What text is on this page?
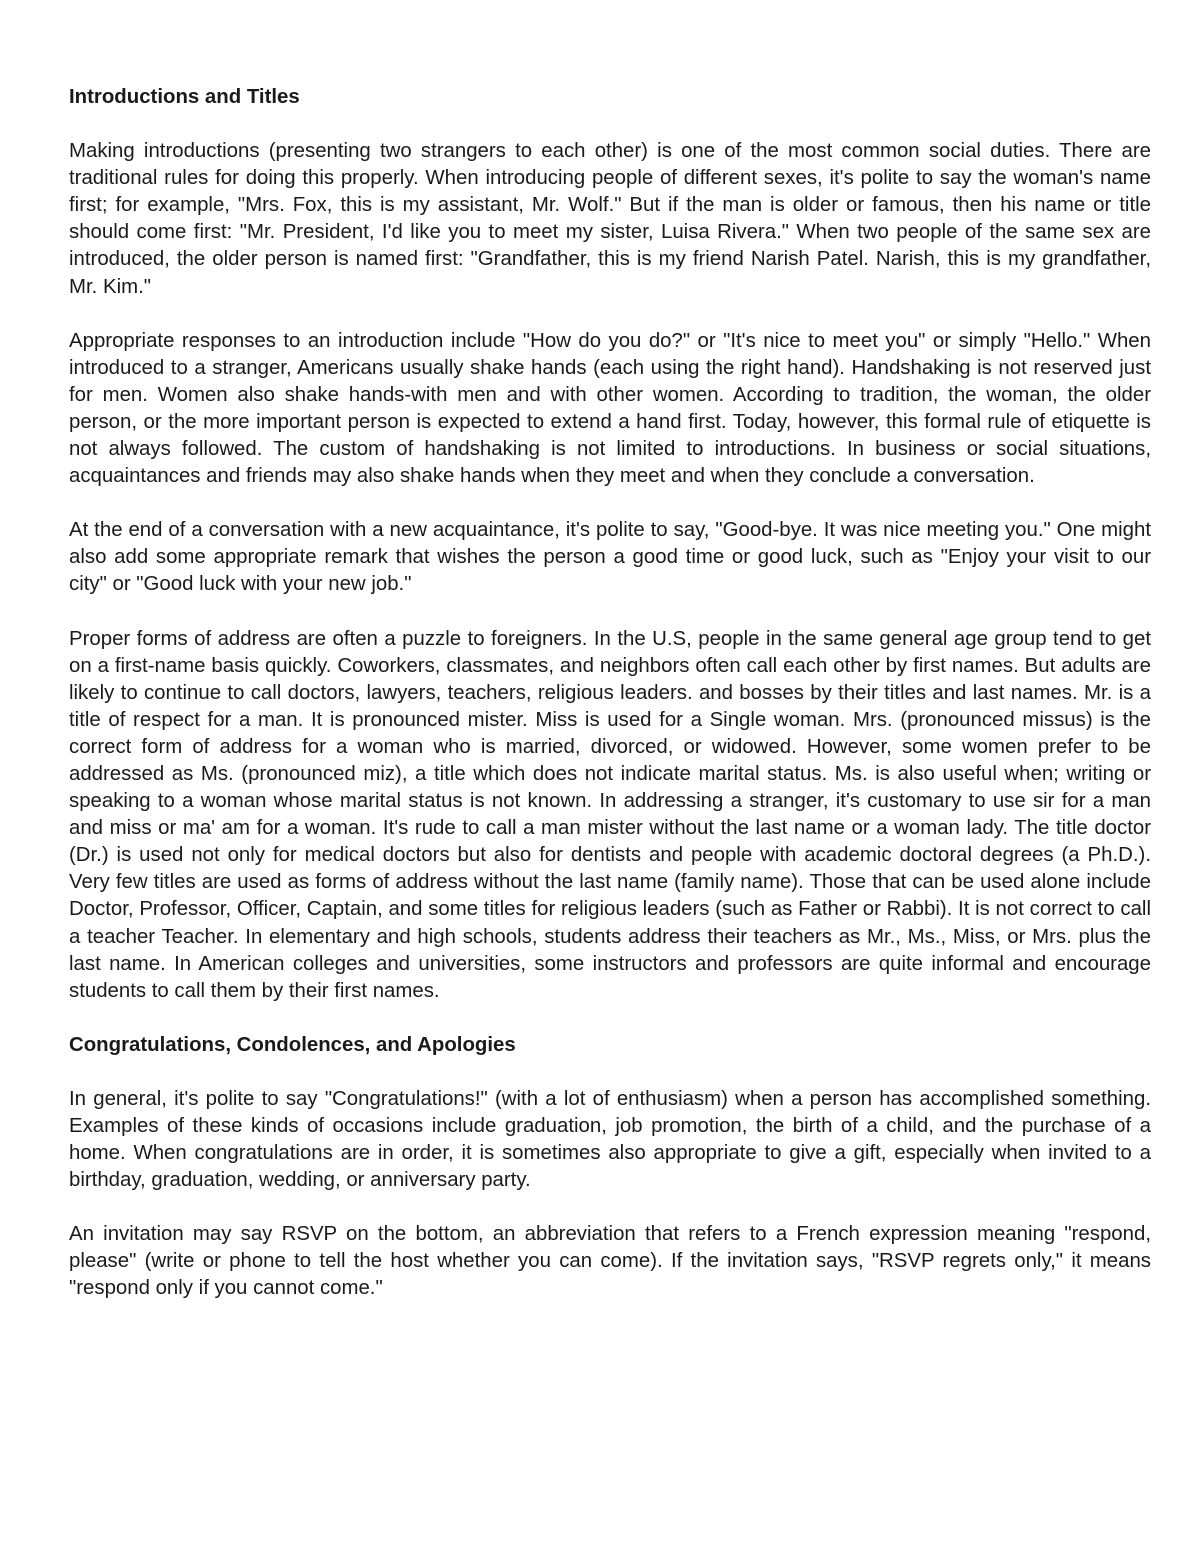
Introductions and Titles

Making introductions (presenting two strangers to each other) is one of the most common social duties. There are traditional rules for doing this properly. When introducing people of different sexes, it's polite to say the woman's name first; for example, "Mrs. Fox, this is my assistant, Mr. Wolf." But if the man is older or famous, then his name or title should come first: "Mr. President, I'd like you to meet my sister, Luisa Rivera." When two people of the same sex are introduced, the older person is named first: "Grandfather, this is my friend Narish Patel. Narish, this is my grandfather, Mr. Kim."

Appropriate responses to an introduction include "How do you do?" or "It's nice to meet you" or simply "Hello." When introduced to a stranger, Americans usually shake hands (each using the right hand). Handshaking is not reserved just for men. Women also shake hands-with men and with other women. According to tradition, the woman, the older person, or the more important person is expected to extend a hand first. Today, however, this formal rule of etiquette is not always followed. The custom of handshaking is not limited to introductions. In business or social situations, acquaintances and friends may also shake hands when they meet and when they conclude a conversation.

At the end of a conversation with a new acquaintance, it's polite to say, "Good-bye. It was nice meeting you." One might also add some appropriate remark that wishes the person a good time or good luck, such as "Enjoy your visit to our city" or "Good luck with your new job."

Proper forms of address are often a puzzle to foreigners. In the U.S, people in the same general age group tend to get on a first-name basis quickly. Coworkers, classmates, and neighbors often call each other by first names. But adults are likely to continue to call doctors, lawyers, teachers, religious leaders. and bosses by their titles and last names. Mr. is a title of respect for a man. It is pronounced mister. Miss is used for a Single woman. Mrs. (pronounced missus) is the correct form of address for a woman who is married, divorced, or widowed. However, some women prefer to be addressed as Ms. (pronounced miz), a title which does not indicate marital status. Ms. is also useful when; writing or speaking to a woman whose marital status is not known. In addressing a stranger, it's customary to use sir for a man and miss or ma' am for a woman. It's rude to call a man mister without the last name or a woman lady. The title doctor (Dr.) is used not only for medical doctors but also for dentists and people with academic doctoral degrees (a Ph.D.). Very few titles are used as forms of address without the last name (family name). Those that can be used alone include Doctor, Professor, Officer, Captain, and some titles for religious leaders (such as Father or Rabbi). It is not correct to call a teacher Teacher. In elementary and high schools, students address their teachers as Mr., Ms., Miss, or Mrs. plus the last name. In American colleges and universities, some instructors and professors are quite informal and encourage students to call them by their first names.

Congratulations, Condolences, and Apologies

In general, it's polite to say "Congratulations!" (with a lot of enthusiasm) when a person has accomplished something. Examples of these kinds of occasions include graduation, job promotion, the birth of a child, and the purchase of a home. When congratulations are in order, it is sometimes also appropriate to give a gift, especially when invited to a birthday, graduation, wedding, or anniversary party.

An invitation may say RSVP on the bottom, an abbreviation that refers to a French expression meaning "respond, please" (write or phone to tell the host whether you can come). If the invitation says, "RSVP regrets only," it means "respond only if you cannot come."
